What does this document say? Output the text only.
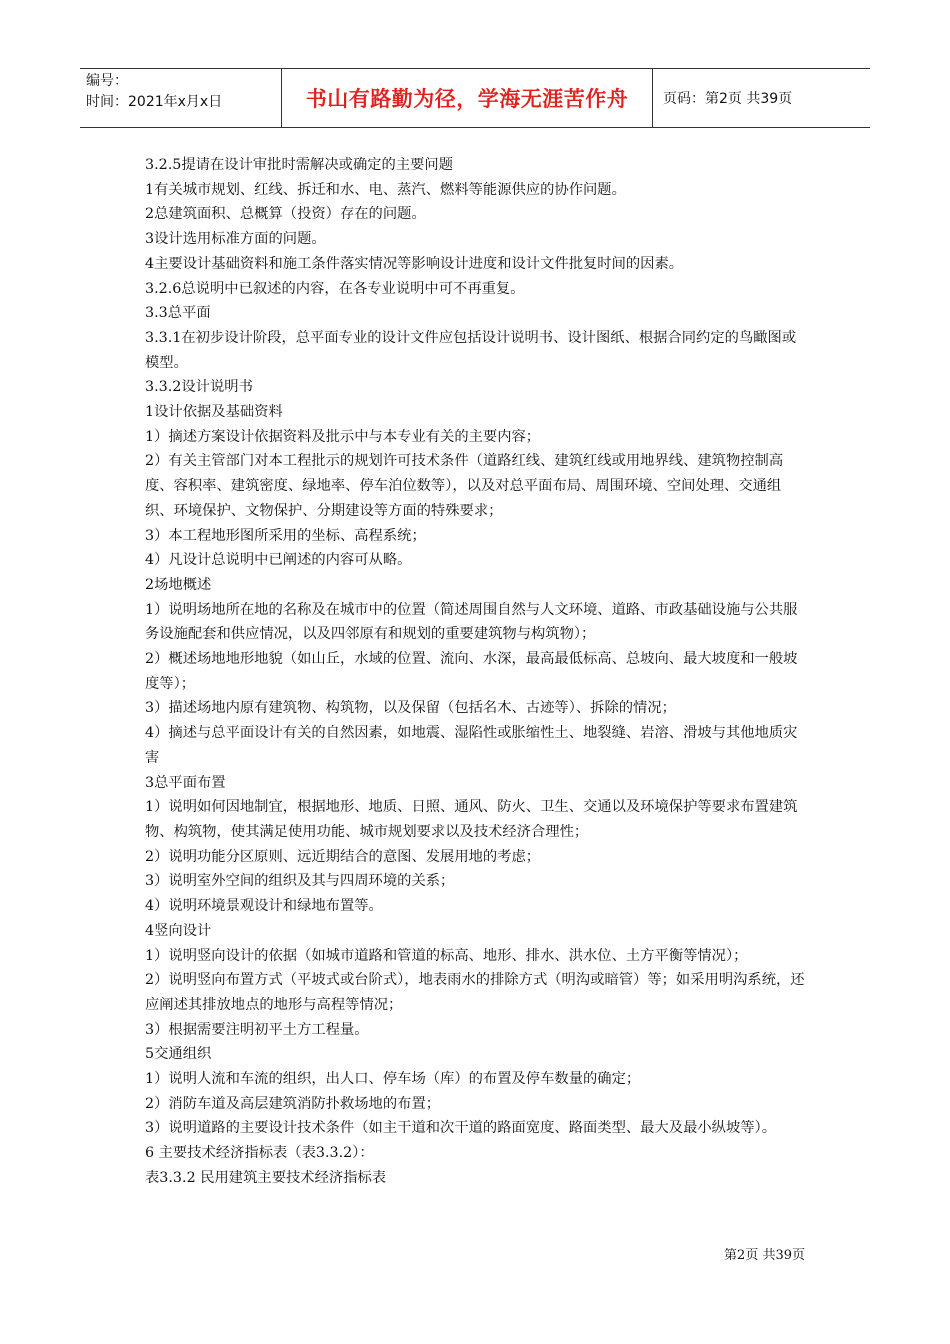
编号：
时间：2021年x月x日	书山有路勤为径，学海无涯苦作舟 页码：第2页 共39页

3.2.5提请在设计审批时需解决或确定的主要问题

1有关城市规划、红线、拆迁和水、电、蒸汽、燃料等能源供应的协作问题。

2总建筑面积、总概算（投资）存在的问题。

3设计选用标准方面的问题。

4主要设计基础资料和施工条件落实情况等影响设计进度和设计文件批复时间的因素。

3.2.6总说明中已叙述的内容，在各专业说明中可不再重复。

3.3总平面

3.3.1在初步设计阶段，总平面专业的设计文件应包括设计说明书、设计图纸、根据合同约定的鸟瞰图或模型。

3.3.2设计说明书

1设计依据及基础资料

1）摘述方案设计依据资料及批示中与本专业有关的主要内容；

2）有关主管部门对本工程批示的规划许可技术条件（道路红线、建筑红线或用地界线、建筑物控制高度、容积率、建筑密度、绿地率、停车泊位数等），以及对总平面布局、周围环境、空间处理、交通组织、环境保护、文物保护、分期建设等方面的特殊要求；

3）本工程地形图所采用的坐标、高程系统；

4）凡设计总说明中已阐述的内容可从略。

2场地概述

1）说明场地所在地的名称及在城市中的位置（简述周围自然与人文环境、道路、市政基础设施与公共服务设施配套和供应情况，以及四邻原有和规划的重要建筑物与构筑物）；

2）概述场地地形地貌（如山丘，水域的位置、流向、水深，最高最低标高、总坡向、最大坡度和一般坡度等）；

3）描述场地内原有建筑物、构筑物，以及保留（包括名木、古迹等）、拆除的情况；

4）摘述与总平面设计有关的自然因素，如地震、湿陷性或胀缩性土、地裂缝、岩溶、滑坡与其他地质灾害

3总平面布置

1）说明如何因地制宜，根据地形、地质、日照、通风、防火、卫生、交通以及环境保护等要求布置建筑物、构筑物，使其满足使用功能、城市规划要求以及技术经济合理性；

2）说明功能分区原则、远近期结合的意图、发展用地的考虑；

3）说明室外空间的组织及其与四周环境的关系；

4）说明环境景观设计和绿地布置等。

4竖向设计

1）说明竖向设计的依据（如城市道路和管道的标高、地形、排水、洪水位、土方平衡等情况）；

2）说明竖向布置方式（平坡式或台阶式），地表雨水的排除方式（明沟或暗管）等；如采用明沟系统，还应阐述其排放地点的地形与高程等情况；

3）根据需要注明初平土方工程量。

5交通组织

1）说明人流和车流的组织，出人口、停车场（库）的布置及停车数量的确定；

2）消防车道及高层建筑消防扑救场地的布置；

3）说明道路的主要设计技术条件（如主干道和次干道的路面宽度、路面类型、最大及最小纵坡等）。

6 主要技术经济指标表（表3.3.2）：

表3.3.2 民用建筑主要技术经济指标表

第2页 共39页
